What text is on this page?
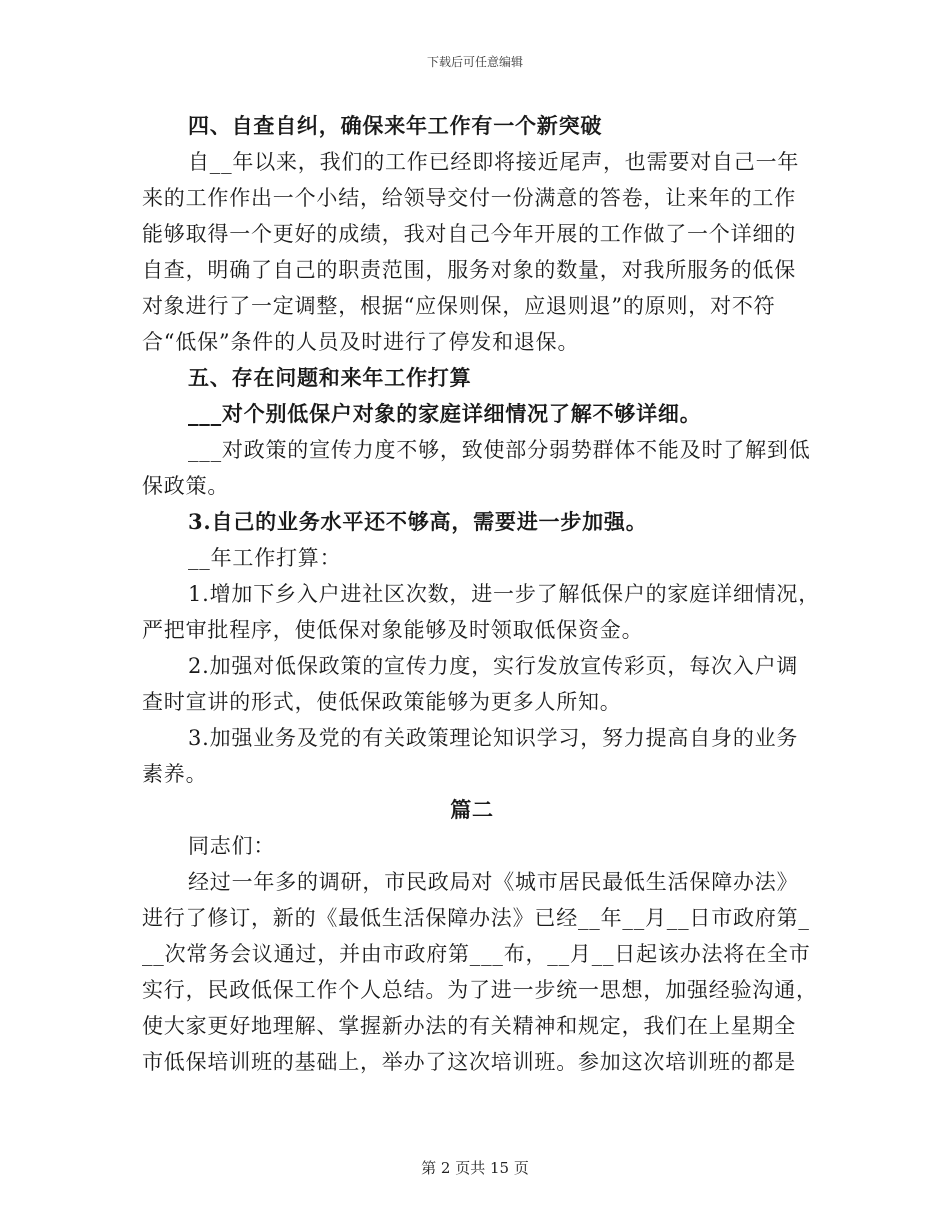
下载后可任意编辑
四、自查自纠，确保来年工作有一个新突破
自__年以来，我们的工作已经即将接近尾声，也需要对自己一年
来的工作作出一个小结，给领导交付一份满意的答卷，让来年的工作
能够取得一个更好的成绩，我对自己今年开展的工作做了一个详细的
自查，明确了自己的职责范围，服务对象的数量，对我所服务的低保
对象进行了一定调整，根据“应保则保，应退则退”的原则，对不符
合“低保”条件的人员及时进行了停发和退保。
五、存在问题和来年工作打算
___对个别低保户对象的家庭详细情况了解不够详细。
___对政策的宣传力度不够，致使部分弱势群体不能及时了解到低
保政策。
3.自己的业务水平还不够高，需要进一步加强。
__年工作打算：
1.增加下乡入户进社区次数，进一步了解低保户的家庭详细情况，
严把审批程序，使低保对象能够及时领取低保资金。
2.加强对低保政策的宣传力度，实行发放宣传彩页，每次入户调
查时宣讲的形式，使低保政策能够为更多人所知。
3.加强业务及党的有关政策理论知识学习，努力提高自身的业务
素养。
篇二
同志们：
经过一年多的调研，市民政局对《城市居民最低生活保障办法》
进行了修订，新的《最低生活保障办法》已经__年__月__日市政府第_
__次常务会议通过，并由市政府第___布，__月__日起该办法将在全市
实行，民政低保工作个人总结。为了进一步统一思想，加强经验沟通，
使大家更好地理解、掌握新办法的有关精神和规定，我们在上星期全
市低保培训班的基础上，举办了这次培训班。参加这次培训班的都是
第 2 页共 15 页
